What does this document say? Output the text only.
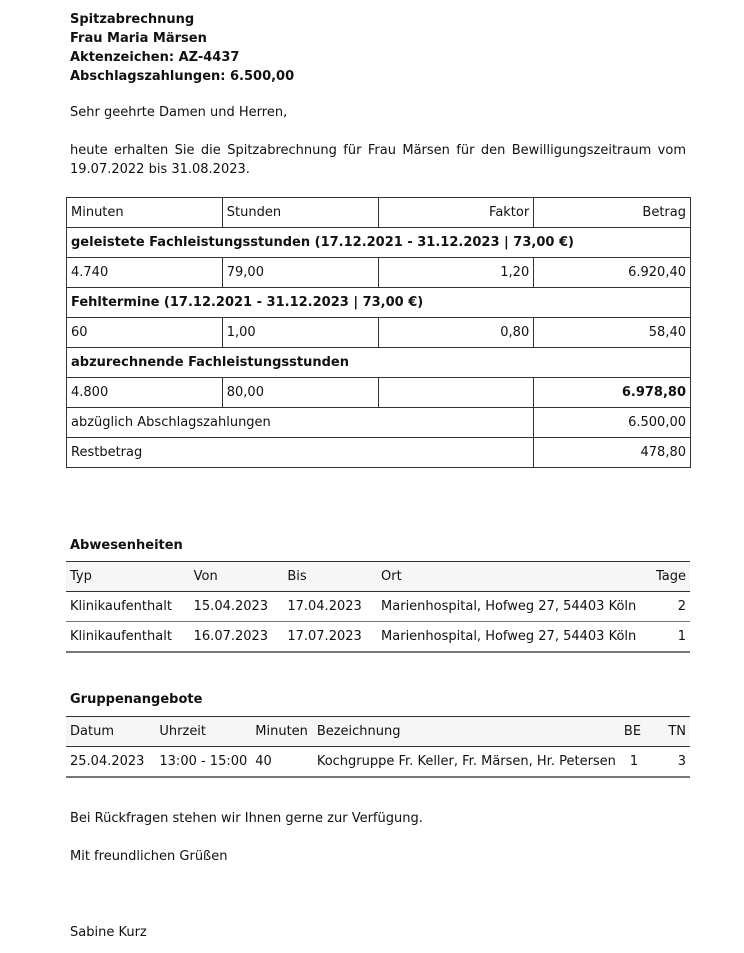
Spitzabrechnung
Frau Maria Märsen
Aktenzeichen: AZ-4437
Abschlagszahlungen: 6.500,00
Sehr geehrte Damen und Herren,
heute erhalten Sie die Spitzabrechnung für Frau Märsen für den Bewilligungszeitraum vom 19.07.2022 bis 31.08.2023.
Minuten	Stunden	Faktor	Betrag
geleistete Fachleistungsstunden (17.12.2021 - 31.12.2023 | 73,00 €)			
4.740	79,00	1,20	6.920,40
Fehltermine (17.12.2021 - 31.12.2023 | 73,00 €)			
60	1,00	0,80	58,40
abzurechnende Fachleistungsstunden			
4.800	80,00		6.978,80
abzüglich Abschlagszahlungen			6.500,00
Restbetrag			478,80
Abwesenheiten
Typ	Von	Bis	Ort	Tage
Klinikaufenthalt	15.04.2023	17.04.2023	Marienhospital, Hofweg 27, 54403 Köln	2
Klinikaufenthalt	16.07.2023	17.07.2023	Marienhospital, Hofweg 27, 54403 Köln	1
Gruppenangebote
Datum	Uhrzeit	Minuten	Bezeichnung	BE	TN
25.04.2023	13:00 - 15:00	40	Kochgruppe Fr. Keller, Fr. Märsen, Hr. Petersen	1	3
Bei Rückfragen stehen wir Ihnen gerne zur Verfügung.
Mit freundlichen Grüßen
Sabine Kurz
